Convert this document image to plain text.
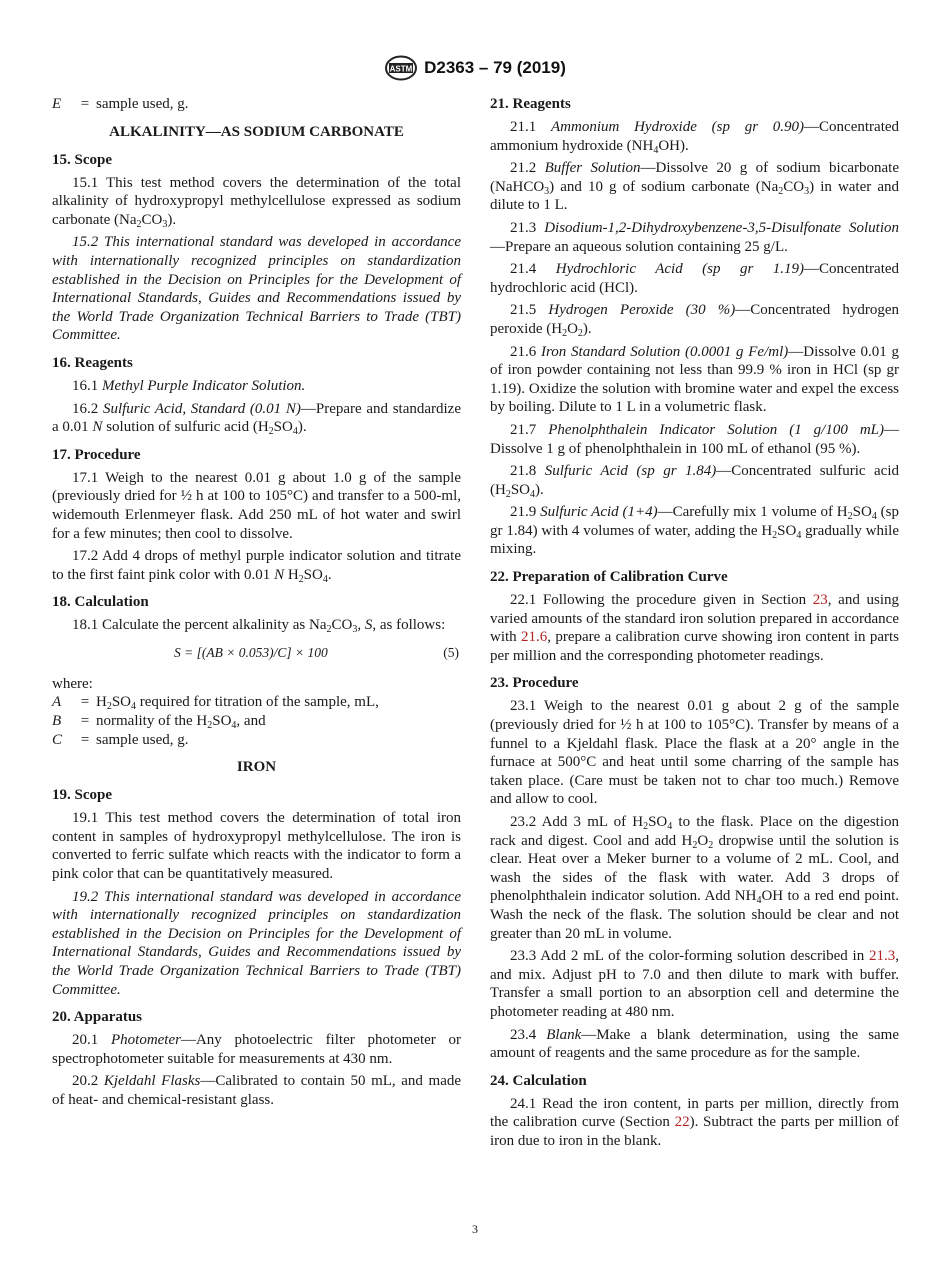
ASTM D2363 – 79 (2019)
E	= sample used, g.
ALKALINITY—AS SODIUM CARBONATE
15. Scope

15.1 This test method covers the determination of the total alkalinity of hydroxypropyl methylcellulose expressed as sodium carbonate $(Na_2CO_3)$.

15.2 This international standard was developed in accordance with internationally recognized principles on standardization established in the Decision on Principles for the Development of International Standards, Guides and Recommendations issued by the World Trade Organization Technical Barriers to Trade (TBT) Committee.

16. Reagents

16.1 Methyl Purple Indicator Solution.

16.2 Sulfuric Acid, Standard (0.01 N)—Prepare and standardize a 0.01 N solution of sulfuric acid $(H_2SO_4)$.

17. Procedure

17.1 Weigh to the nearest 0.01 g about 1.0 g of the sample (previously dried for ½ h at 100 to 105°C) and transfer to a 500-ml, widemouth Erlenmeyer flask. Add 250 mL of hot water and swirl for a few minutes; then cool to dissolve.

17.2 Add 4 drops of methyl purple indicator solution and titrate to the first faint pink color with 0.01 N $H_2SO_4$.

18. Calculation

18.1 Calculate the percent alkalinity as $Na_2CO_3$, S, as follows:

S = [(AB × 0.053)/C] × 100	(5)

where:

A	= $H_2SO_4$ required for titration of the sample, mL,
B	= normality of the $H_2SO_4$, and
C	= sample used, g.
IRON
19. Scope

19.1 This test method covers the determination of total iron content in samples of hydroxypropyl methylcellulose. The iron is converted to ferric sulfate which reacts with the indicator to form a pink color that can be quantitatively measured.

19.2 This international standard was developed in accordance with internationally recognized principles on standardization established in the Decision on Principles for the Development of International Standards, Guides and Recommendations issued by the World Trade Organization Technical Barriers to Trade (TBT) Committee.

20. Apparatus

20.1 Photometer—Any photoelectric filter photometer or spectrophotometer suitable for measurements at 430 nm.

20.2 Kjeldahl Flasks—Calibrated to contain 50 mL, and made of heat- and chemical-resistant glass.

21. Reagents

21.1 Ammonium Hydroxide (sp gr 0.90)—Concentrated ammonium hydroxide $(NH_4OH)$.

21.2 Buffer Solution—Dissolve 20 g of sodium bicarbonate (NaHCO$_3$) and 10 g of sodium carbonate $(Na_2CO_3)$ in water and dilute to 1 L.

21.3 Disodium-1,2-Dihydroxybenzene-3,5-Disulfonate Solution—Prepare an aqueous solution containing 25 g/L.

21.4 Hydrochloric Acid (sp gr 1.19)—Concentrated hydrochloric acid (HCl).

21.5 Hydrogen Peroxide (30 %)—Concentrated hydrogen peroxide $(H_2O_2)$.

21.6 Iron Standard Solution (0.0001 g Fe/ml)—Dissolve 0.01 g of iron powder containing not less than 99.9 % iron in HCl (sp gr 1.19). Oxidize the solution with bromine water and expel the excess by boiling. Dilute to 1 L in a volumetric flask.

21.7 Phenolphthalein Indicator Solution (1 g/100 mL)—Dissolve 1 g of phenolphthalein in 100 mL of ethanol (95 %).

21.8 Sulfuric Acid (sp gr 1.84)—Concentrated sulfuric acid $(H_2SO_4)$.

21.9 Sulfuric Acid (1+4)—Carefully mix 1 volume of $H_2SO_4$ (sp gr 1.84) with 4 volumes of water, adding the $H_2SO_4$ gradually while mixing.

22. Preparation of Calibration Curve

22.1 Following the procedure given in Section 23, and using varied amounts of the standard iron solution prepared in accordance with 21.6, prepare a calibration curve showing iron content in parts per million and the corresponding photometer readings.

23. Procedure

23.1 Weigh to the nearest 0.01 g about 2 g of the sample (previously dried for ½ h at 100 to 105°C). Transfer by means of a funnel to a Kjeldahl flask. Place the flask at a 20° angle in the furnace at 500°C and heat until some charring of the sample has taken place. (Care must be taken not to char too much.) Remove and allow to cool.

23.2 Add 3 mL of $H_2SO_4$ to the flask. Place on the digestion rack and digest. Cool and add $H_2O_2$ dropwise until the solution is clear. Heat over a Meker burner to a volume of 2 mL. Cool, and wash the sides of the flask with water. Add 3 drops of phenolphthalein indicator solution. Add $NH_4OH$ to a red end point. Wash the neck of the flask. The solution should be clear and not greater than 20 mL in volume.

23.3 Add 2 mL of the color-forming solution described in 21.3, and mix. Adjust pH to 7.0 and then dilute to mark with buffer. Transfer a small portion to an absorption cell and determine the photometer reading at 480 nm.

23.4 Blank—Make a blank determination, using the same amount of reagents and the same procedure as for the sample.

24. Calculation

24.1 Read the iron content, in parts per million, directly from the calibration curve (Section 22). Subtract the parts per million of iron due to iron in the blank.

3
